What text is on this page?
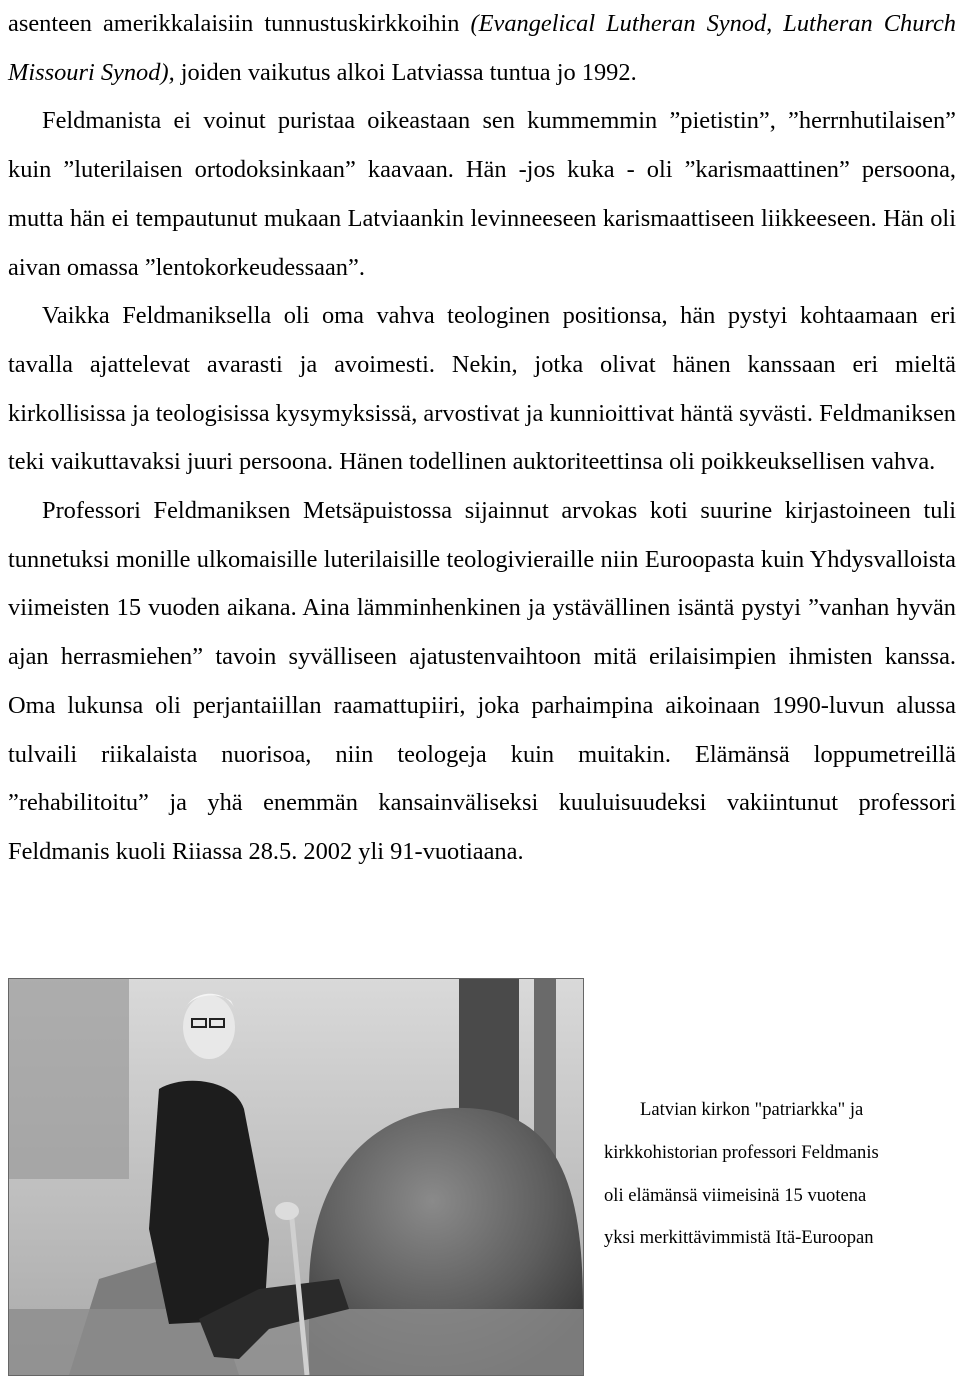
asenteen amerikkalaisiin tunnustuskirkkoihin (Evangelical Lutheran Synod, Lutheran Church Missouri Synod), joiden vaikutus alkoi Latviassa tuntua jo 1992.

Feldmanista ei voinut puristaa oikeastaan sen kummemmin ”pietistin”, ”herrnhutilaisen” kuin ”luterilaisen ortodoksinkaan” kaavaan. Hän -jos kuka - oli ”karismaattinen” persoona, mutta hän ei tempautunut mukaan Latviaankin levinneeseen karismaattiseen liikkeeseen. Hän oli aivan omassa ”lentokorkeudessaan”.

Vaikka Feldmaniksella oli oma vahva teologinen positionsa, hän pystyi kohtaamaan eri tavalla ajattelevat avarasti ja avoimesti. Nekin, jotka olivat hänen kanssaan eri mieltä kirkollisissa ja teologisissa kysymyksissä, arvostivat ja kunnioittivat häntä syvästi. Feldmaniksen teki vaikuttavaksi juuri persoona. Hänen todellinen auktoriteettinsa oli poikkeuksellisen vahva.

Professori Feldmaniksen Metsäpuistossa sijainnut arvokas koti suurine kirjastoineen tuli tunnetuksi monille ulkomaisille luterilaisille teologivieraille niin Euroopasta kuin Yhdysvalloista viimeisten 15 vuoden aikana. Aina lämminhenkinen ja ystävällinen isäntä pystyi ”vanhan hyvän ajan herrasmiehen” tavoin syvälliseen ajatustenvaihtoon mitä erilaisimpien ihmisten kanssa. Oma lukunsa oli perjantaiillan raamattupiiri, joka parhaimpina aikoinaan 1990-luvun alussa tulvaili riikalaista nuorisoa, niin teologeja kuin muitakin. Elämänsä loppumetreillä ”rehabilitoitu” ja yhä enemmän kansainväliseksi kuuluisuudeksi vakiintunut professori Feldmanis kuoli Riiassa 28.5. 2002 yli 91-vuotiaana.

Latvian kirkon "patriarkka" ja
kirkkohistorian professori Feldmanis
oli elämänsä viimeisinä 15 vuotena
yksi merkittävimmistä Itä-Euroopan
